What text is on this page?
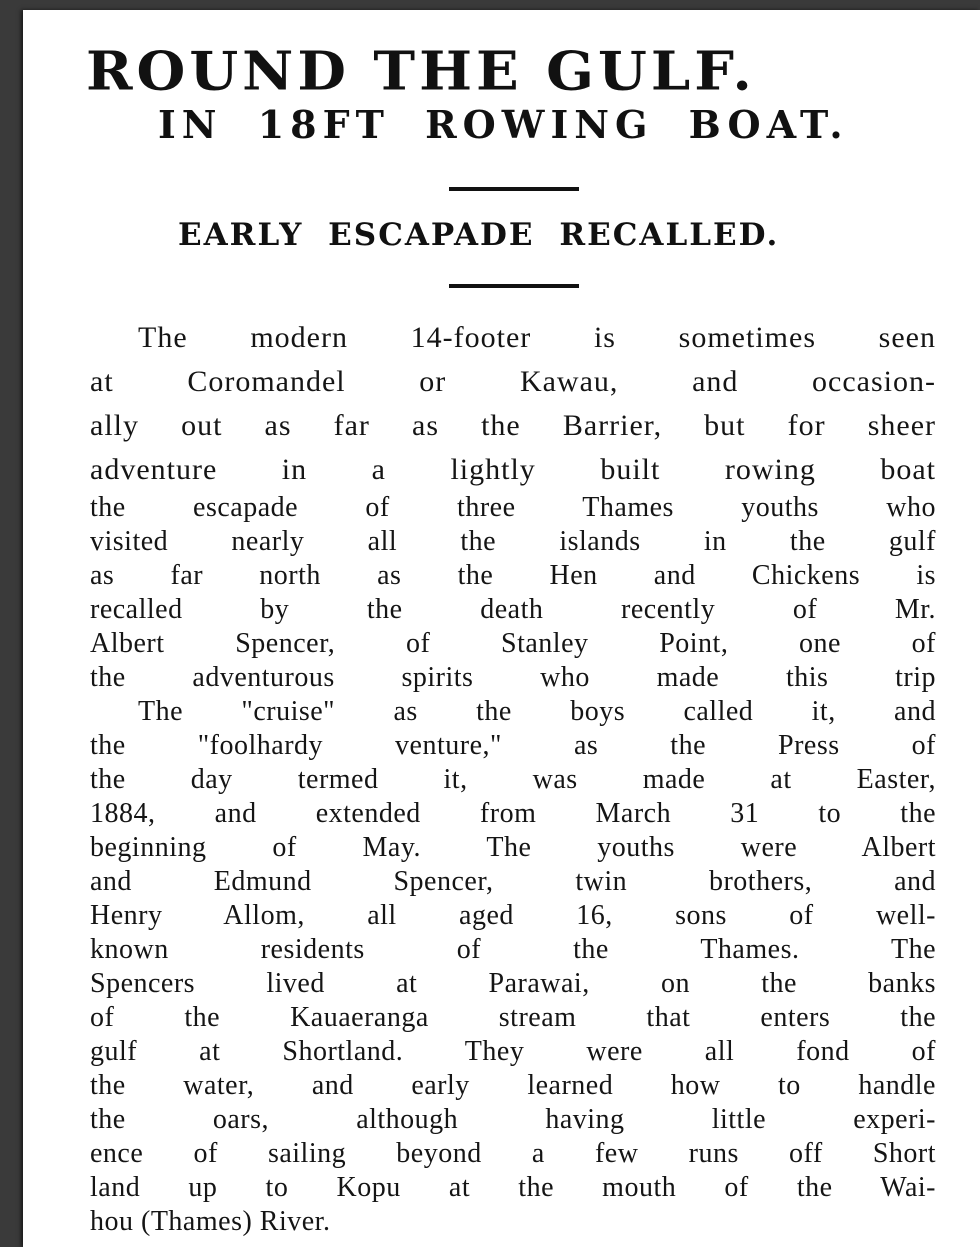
ROUND THE GULF.
IN 18FT ROWING BOAT.
EARLY ESCAPADE RECALLED.
The modern 14-footer is sometimes seen
at Coromandel or Kawau, and occasion-
ally out as far as the Barrier, but for sheer
adventure in a lightly built rowing boat
the escapade of three Thames youths who
visited nearly all the islands in the gulf
as far north as the Hen and Chickens is
recalled by the death recently of Mr.
Albert Spencer, of Stanley Point, one of
the adventurous spirits who made this trip
The "cruise" as the boys called it, and
the "foolhardy venture," as the Press of
the day termed it, was made at Easter,
1884, and extended from March 31 to the
beginning of May. The youths were Albert
and Edmund Spencer, twin brothers, and
Henry Allom, all aged 16, sons of well-
known residents of the Thames. The
Spencers lived at Parawai, on the banks
of the Kauaeranga stream that enters the
gulf at Shortland. They were all fond of
the water, and early learned how to handle
the oars, although having little experi-
ence of sailing beyond a few runs off Short
land up to Kopu at the mouth of the Wai-
hou (Thames) River.
